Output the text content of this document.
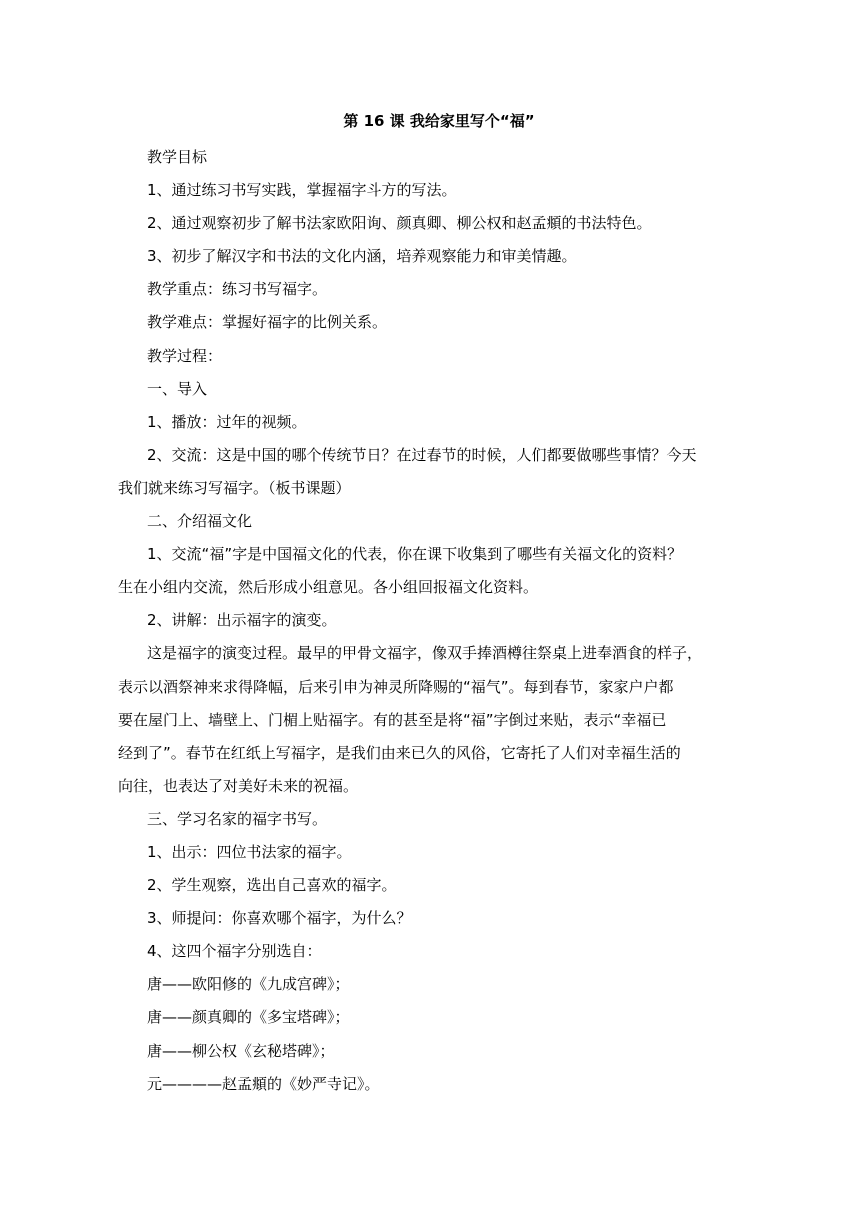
第 16 课 我给家里写个“福”
教学目标
1、通过练习书写实践，掌握福字斗方的写法。
2、通过观察初步了解书法家欧阳询、颜真卿、柳公权和赵孟頫的书法特色。
3、初步了解汉字和书法的文化内涵，培养观察能力和审美情趣。
教学重点：练习书写福字。
教学难点：掌握好福字的比例关系。
教学过程：
一、导入
1、播放：过年的视频。
2、交流：这是中国的哪个传统节日？在过春节的时候，人们都要做哪些事情？今天
我们就来练习写福字。（板书课题）
二、介绍福文化
1、交流“福”字是中国福文化的代表，你在课下收集到了哪些有关福文化的资料？
生在小组内交流，然后形成小组意见。各小组回报福文化资料。
2、讲解：出示福字的演变。
这是福字的演变过程。最早的甲骨文福字，像双手捧酒樽往祭桌上进奉酒食的样子，
表示以酒祭神来求得降幅，后来引申为神灵所降赐的“福气”。每到春节，家家户户都
要在屋门上、墙壁上、门楣上贴福字。有的甚至是将“福”字倒过来贴，表示“幸福已
经到了”。春节在红纸上写福字，是我们由来已久的风俗，它寄托了人们对幸福生活的
向往，也表达了对美好未来的祝福。
三、学习名家的福字书写。
1、出示：四位书法家的福字。
2、学生观察，选出自己喜欢的福字。
3、师提问：你喜欢哪个福字，为什么？
4、这四个福字分别选自：
唐——欧阳修的《九成宫碑》；
唐——颜真卿的《多宝塔碑》；
唐——柳公权《玄秘塔碑》；
元————赵孟頫的《妙严寺记》。
